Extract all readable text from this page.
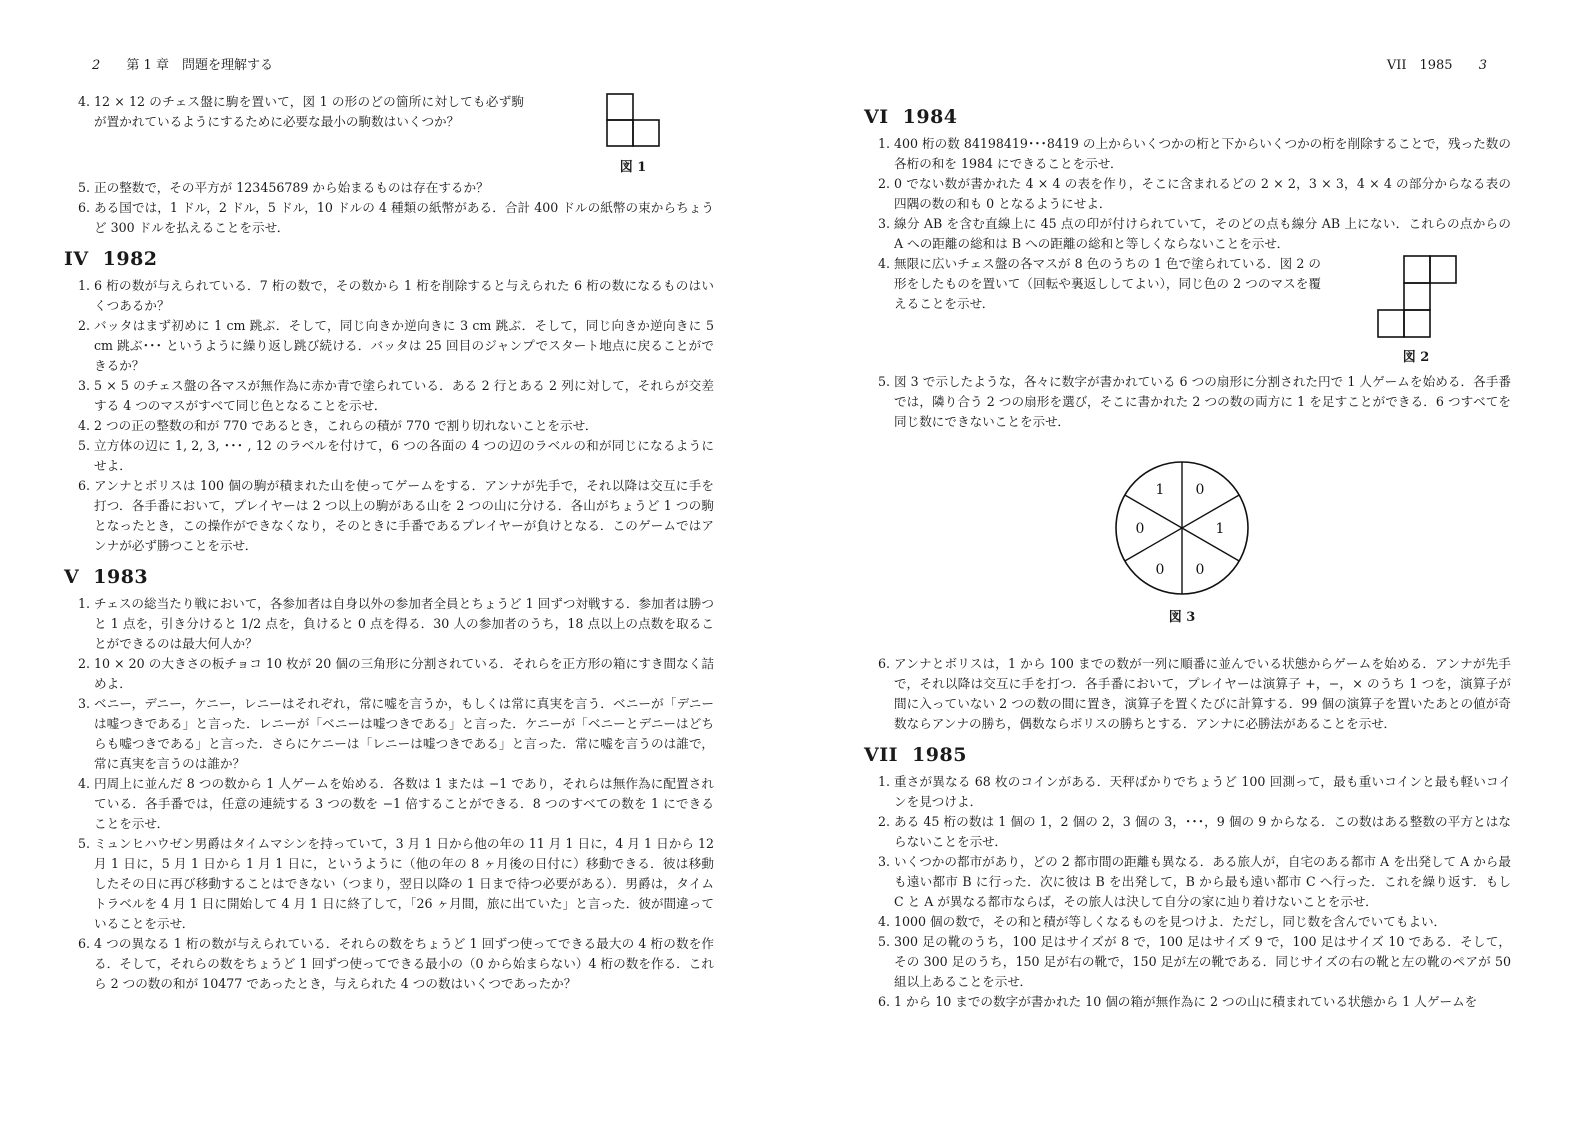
2 第 1 章　問題を理解する
図 1
4. 12 × 12 のチェス盤に駒を置いて，図 1 の形のどの箇所に対しても必ず駒が置かれているようにするために必要な最小の駒数はいくつか？
5. 正の整数で，その平方が 123456789 から始まるものは存在するか？
6. ある国では，1 ドル，2 ドル，5 ドル，10 ドルの 4 種類の紙幣がある．合計 400 ドルの紙幣の束からちょうど 300 ドルを払えることを示せ．
IV 1982
1. 6 桁の数が与えられている．7 桁の数で，その数から 1 桁を削除すると与えられた 6 桁の数になるものはいくつあるか？
2. バッタはまず初めに 1 cm 跳ぶ．そして，同じ向きか逆向きに 3 cm 跳ぶ．そして，同じ向きか逆向きに 5 cm 跳ぶ･･･ というように繰り返し跳び続ける．バッタは 25 回目のジャンプでスタート地点に戻ることができるか？
3. 5 × 5 のチェス盤の各マスが無作為に赤か青で塗られている．ある 2 行とある 2 列に対して，それらが交差する 4 つのマスがすべて同じ色となることを示せ．
4. 2 つの正の整数の和が 770 であるとき，これらの積が 770 で割り切れないことを示せ．
5. 立方体の辺に 1, 2, 3, ･･･ , 12 のラベルを付けて，6 つの各面の 4 つの辺のラベルの和が同じになるようにせよ．
6. アンナとボリスは 100 個の駒が積まれた山を使ってゲームをする．アンナが先手で，それ以降は交互に手を打つ．各手番において，プレイヤーは 2 つ以上の駒がある山を 2 つの山に分ける．各山がちょうど 1 つの駒となったとき，この操作ができなくなり，そのときに手番であるプレイヤーが負けとなる．このゲームではアンナが必ず勝つことを示せ．
V 1983
1. チェスの総当たり戦において，各参加者は自身以外の参加者全員とちょうど 1 回ずつ対戦する．参加者は勝つと 1 点を，引き分けると 1/2 点を，負けると 0 点を得る．30 人の参加者のうち，18 点以上の点数を取ることができるのは最大何人か？
2. 10 × 20 の大きさの板チョコ 10 枚が 20 個の三角形に分割されている．それらを正方形の箱にすき間なく詰めよ．
3. ベニー，デニー，ケニー，レニーはそれぞれ，常に嘘を言うか，もしくは常に真実を言う．ベニーが「デニーは嘘つきである」と言った．レニーが「ベニーは嘘つきである」と言った．ケニーが「ベニーとデニーはどちらも嘘つきである」と言った．さらにケニーは「レニーは嘘つきである」と言った．常に嘘を言うのは誰で，常に真実を言うのは誰か？
4. 円周上に並んだ 8 つの数から 1 人ゲームを始める．各数は 1 または −1 であり，それらは無作為に配置されている．各手番では，任意の連続する 3 つの数を −1 倍することができる．8 つのすべての数を 1 にできることを示せ．
5. ミュンヒハウゼン男爵はタイムマシンを持っていて，3 月 1 日から他の年の 11 月 1 日に，4 月 1 日から 12 月 1 日に，5 月 1 日から 1 月 1 日に，というように（他の年の 8 ヶ月後の日付に）移動できる．彼は移動したその日に再び移動することはできない（つまり，翌日以降の 1 日まで待つ必要がある）．男爵は，タイムトラベルを 4 月 1 日に開始して 4 月 1 日に終了して，「26 ヶ月間，旅に出ていた」と言った．彼が間違っていることを示せ．
6. 4 つの異なる 1 桁の数が与えられている．それらの数をちょうど 1 回ずつ使ってできる最大の 4 桁の数を作る．そして，それらの数をちょうど 1 回ずつ使ってできる最小の（0 から始まらない）4 桁の数を作る．これら 2 つの数の和が 10477 であったとき，与えられた 4 つの数はいくつであったか？
VII　1985 3
図 2
1 0
1
0
0
0
図 3
VI 1984
1. 400 桁の数 84198419･･･8419 の上からいくつかの桁と下からいくつかの桁を削除することで，残った数の各桁の和を 1984 にできることを示せ．
2. 0 でない数が書かれた 4 × 4 の表を作り，そこに含まれるどの 2 × 2，3 × 3，4 × 4 の部分からなる表の四隅の数の和も 0 となるようにせよ．
3. 線分 AB を含む直線上に 45 点の印が付けられていて，そのどの点も線分 AB 上にない．これらの点からの A への距離の総和は B への距離の総和と等しくならないことを示せ．
4. 無限に広いチェス盤の各マスが 8 色のうちの 1 色で塗られている．図 2 の形をしたものを置いて（回転や裏返ししてよい），同じ色の 2 つのマスを覆えることを示せ．
5. 図 3 で示したような，各々に数字が書かれている 6 つの扇形に分割された円で 1 人ゲームを始める．各手番では，隣り合う 2 つの扇形を選び，そこに書かれた 2 つの数の両方に 1 を足すことができる．6 つすべてを同じ数にできないことを示せ．
6. アンナとボリスは，1 から 100 までの数が一列に順番に並んでいる状態からゲームを始める．アンナが先手で，それ以降は交互に手を打つ．各手番において，プレイヤーは演算子 +，−，× のうち 1 つを，演算子が間に入っていない 2 つの数の間に置き，演算子を置くたびに計算する．99 個の演算子を置いたあとの値が奇数ならアンナの勝ち，偶数ならボリスの勝ちとする．アンナに必勝法があることを示せ．
VII 1985
1. 重さが異なる 68 枚のコインがある．天秤ばかりでちょうど 100 回測って，最も重いコインと最も軽いコインを見つけよ．
2. ある 45 桁の数は 1 個の 1，2 個の 2，3 個の 3，･･･，9 個の 9 からなる．この数はある整数の平方とはならないことを示せ．
3. いくつかの都市があり，どの 2 都市間の距離も異なる．ある旅人が，自宅のある都市 A を出発して A から最も遠い都市 B に行った．次に彼は B を出発して，B から最も遠い都市 C へ行った．これを繰り返す．もし C と A が異なる都市ならば，その旅人は決して自分の家に辿り着けないことを示せ．
4. 1000 個の数で，その和と積が等しくなるものを見つけよ．ただし，同じ数を含んでいてもよい．
5. 300 足の靴のうち，100 足はサイズが 8 で，100 足はサイズ 9 で，100 足はサイズ 10 である．そして，その 300 足のうち，150 足が右の靴で，150 足が左の靴である．同じサイズの右の靴と左の靴のペアが 50 組以上あることを示せ．
6. 1 から 10 までの数字が書かれた 10 個の箱が無作為に 2 つの山に積まれている状態から 1 人ゲームを
